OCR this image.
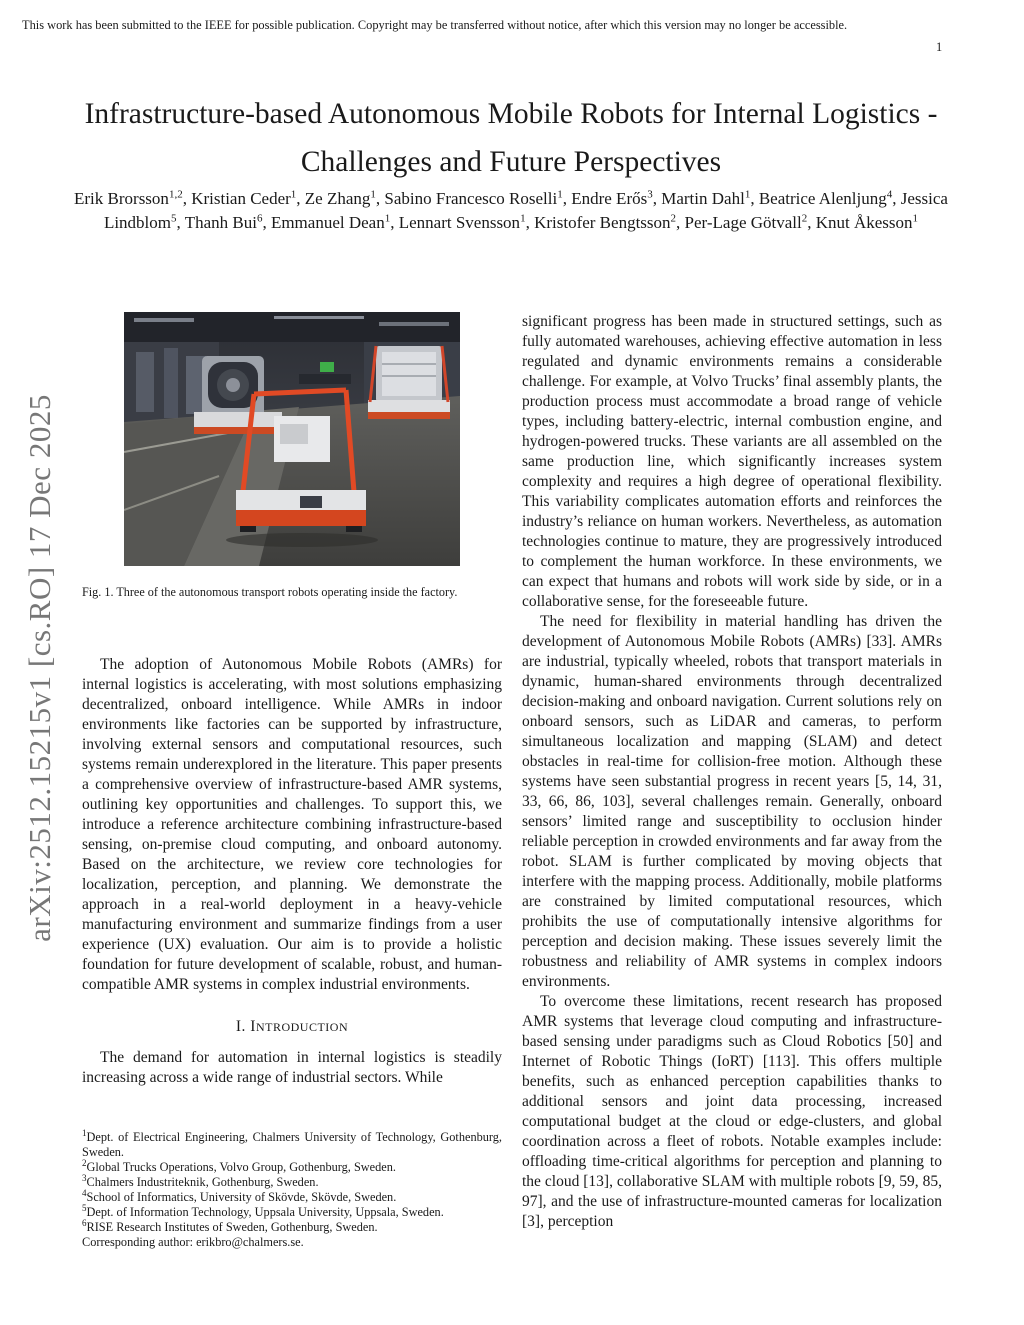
This work has been submitted to the IEEE for possible publication. Copyright may be transferred without notice, after which this version may no longer be accessible.

1

arXiv:2512.15215v1 [cs.RO] 17 Dec 2025
Infrastructure-based Autonomous Mobile Robots for Internal Logistics - Challenges and Future Perspectives

Erik Brorsson$^{1,2}$, Kristian Ceder$^1$, Ze Zhang$^1$, Sabino Francesco Roselli$^1$, Endre Erős$^3$, Martin Dahl$^1$, Beatrice Alenljung$^4$, Jessica Lindblom$^5$, Thanh Bui$^6$, Emmanuel Dean$^1$, Lennart Svensson$^1$, Kristofer Bengtsson$^2$, Per-Lage Götvall$^2$, Knut Åkesson$^1$

Fig. 1. Three of the autonomous transport robots operating inside the factory.

The adoption of Autonomous Mobile Robots (AMRs) for internal logistics is accelerating, with most solutions emphasizing decentralized, onboard intelligence. While AMRs in indoor environments like factories can be supported by infrastructure, involving external sensors and computational resources, such systems remain underexplored in the literature. This paper presents a comprehensive overview of infrastructure-based AMR systems, outlining key opportunities and challenges. To support this, we introduce a reference architecture combining infrastructure-based sensing, on-premise cloud computing, and onboard autonomy. Based on the architecture, we review core technologies for localization, perception, and planning. We demonstrate the approach in a real-world deployment in a heavy-vehicle manufacturing environment and summarize findings from a user experience (UX) evaluation. Our aim is to provide a holistic foundation for future development of scalable, robust, and human-compatible AMR systems in complex industrial environments.

I. INTRODUCTION

The demand for automation in internal logistics is steadily increasing across a wide range of industrial sectors. While

$^1$Dept. of Electrical Engineering, Chalmers University of Technology, Gothenburg, Sweden.

$^2$Global Trucks Operations, Volvo Group, Gothenburg, Sweden.

$^3$Chalmers Industriteknik, Gothenburg, Sweden.

$^4$School of Informatics, University of Skövde, Skövde, Sweden.

$^5$Dept. of Information Technology, Uppsala University, Uppsala, Sweden.

$^6$RISE Research Institutes of Sweden, Gothenburg, Sweden.

Corresponding author: erikbro@chalmers.se.

significant progress has been made in structured settings, such as fully automated warehouses, achieving effective automation in less regulated and dynamic environments remains a considerable challenge. For example, at Volvo Trucks’ final assembly plants, the production process must accommodate a broad range of vehicle types, including battery-electric, internal combustion engine, and hydrogen-powered trucks. These variants are all assembled on the same production line, which significantly increases system complexity and requires a high degree of operational flexibility. This variability complicates automation efforts and reinforces the industry’s reliance on human workers. Nevertheless, as automation technologies continue to mature, they are progressively introduced to complement the human workforce. In these environments, we can expect that humans and robots will work side by side, or in a collaborative sense, for the foreseeable future.

The need for flexibility in material handling has driven the development of Autonomous Mobile Robots (AMRs) [33]. AMRs are industrial, typically wheeled, robots that transport materials in dynamic, human-shared environments through decentralized decision-making and onboard navigation. Current solutions rely on onboard sensors, such as LiDAR and cameras, to perform simultaneous localization and mapping (SLAM) and detect obstacles in real-time for collision-free motion. Although these systems have seen substantial progress in recent years [5, 14, 31, 33, 66, 86, 103], several challenges remain. Generally, onboard sensors’ limited range and susceptibility to occlusion hinder reliable perception in crowded environments and far away from the robot. SLAM is further complicated by moving objects that interfere with the mapping process. Additionally, mobile platforms are constrained by limited computational resources, which prohibits the use of computationally intensive algorithms for perception and decision making. These issues severely limit the robustness and reliability of AMR systems in complex indoors environments.

To overcome these limitations, recent research has proposed AMR systems that leverage cloud computing and infrastructure-based sensing under paradigms such as Cloud Robotics [50] and Internet of Robotic Things (IoRT) [113]. This offers multiple benefits, such as enhanced perception capabilities thanks to additional sensors and joint data processing, increased computational budget at the cloud or edge-clusters, and global coordination across a fleet of robots. Notable examples include: offloading time-critical algorithms for perception and planning to the cloud [13], collaborative SLAM with multiple robots [9, 59, 85, 97], and the use of infrastructure-mounted cameras for localization [3], perception
